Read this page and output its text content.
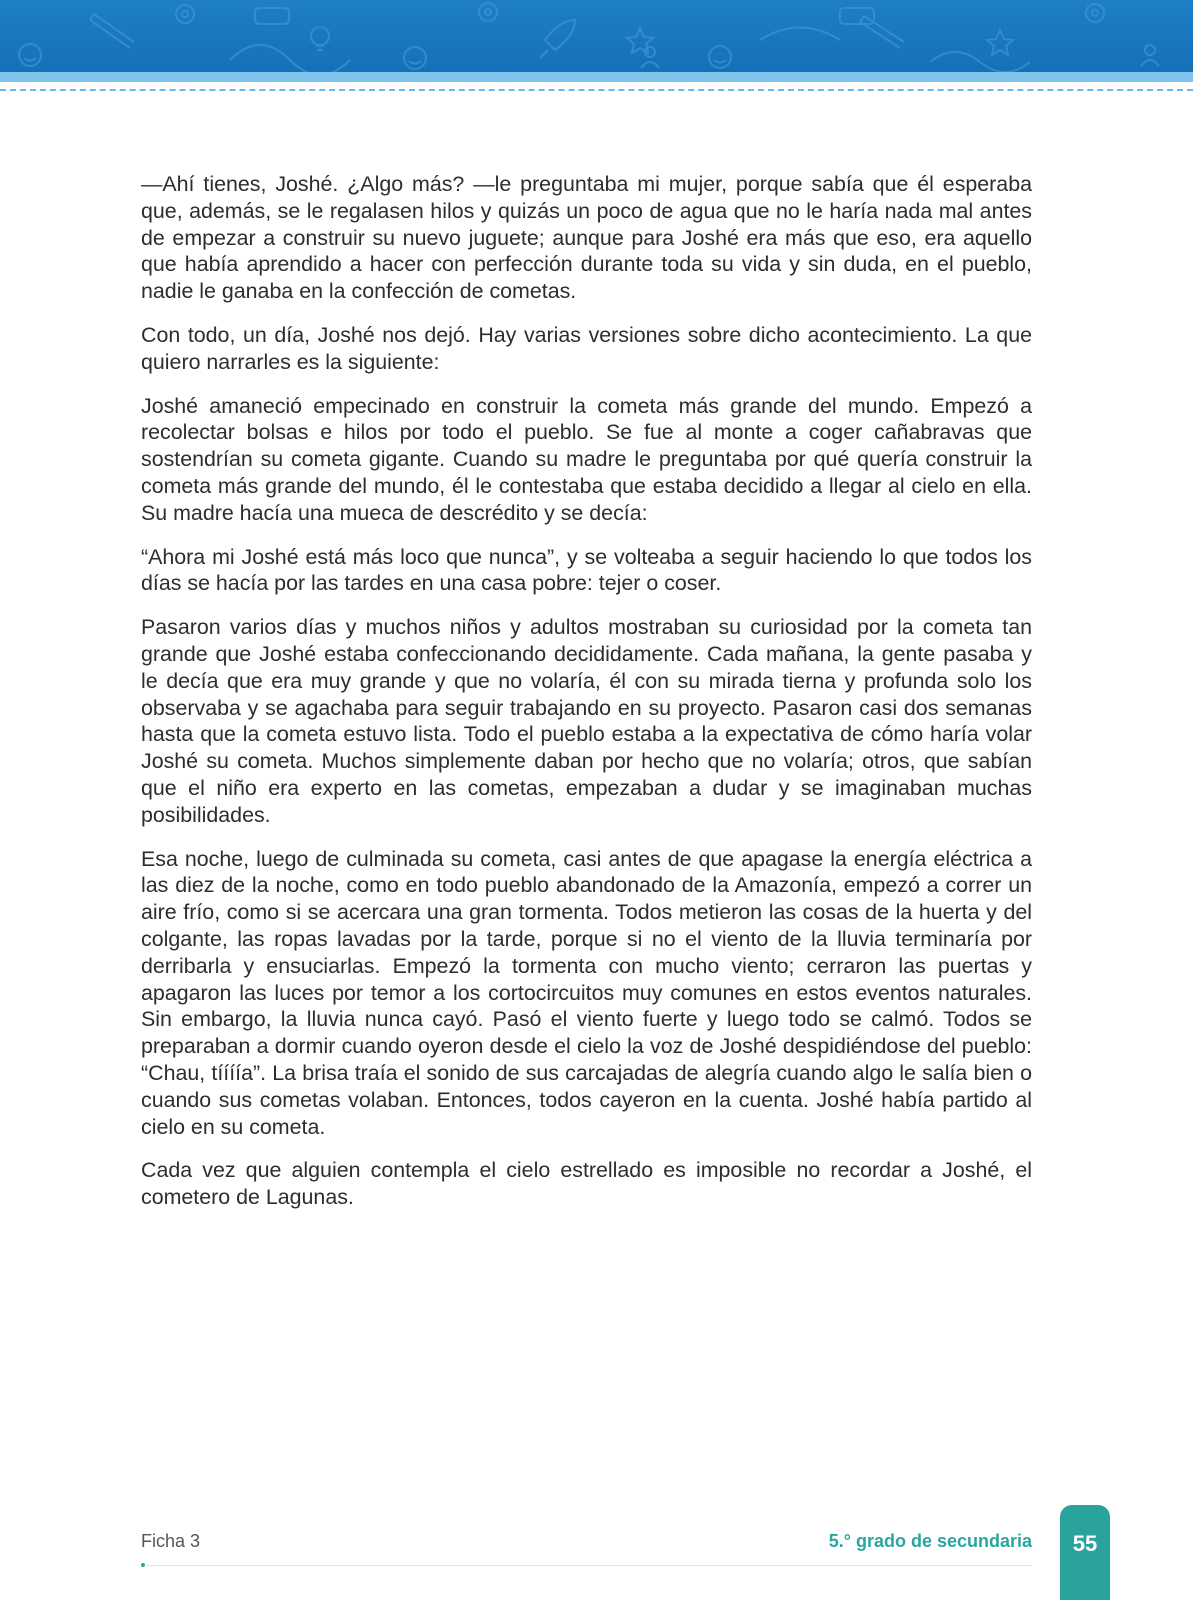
—Ahí tienes, Joshé. ¿Algo más? —le preguntaba mi mujer, porque sabía que él esperaba que, además, se le regalasen hilos y quizás un poco de agua que no le haría nada mal antes de empezar a construir su nuevo juguete; aunque para Joshé era más que eso, era aquello que había aprendido a hacer con perfección durante toda su vida y sin duda, en el pueblo, nadie le ganaba en la confección de cometas.

Con todo, un día, Joshé nos dejó. Hay varias versiones sobre dicho acontecimiento. La que quiero narrarles es la siguiente:

Joshé amaneció empecinado en construir la cometa más grande del mundo. Empezó a recolectar bolsas e hilos por todo el pueblo. Se fue al monte a coger cañabravas que sostendrían su cometa gigante. Cuando su madre le preguntaba por qué quería construir la cometa más grande del mundo, él le contestaba que estaba decidido a llegar al cielo en ella. Su madre hacía una mueca de descrédito y se decía:

“Ahora mi Joshé está más loco que nunca”, y se volteaba a seguir haciendo lo que todos los días se hacía por las tardes en una casa pobre: tejer o coser.

Pasaron varios días y muchos niños y adultos mostraban su curiosidad por la cometa tan grande que Joshé estaba confeccionando decididamente. Cada mañana, la gente pasaba y le decía que era muy grande y que no volaría, él con su mirada tierna y profunda solo los observaba y se agachaba para seguir trabajando en su proyecto. Pasaron casi dos semanas hasta que la cometa estuvo lista. Todo el pueblo estaba a la expectativa de cómo haría volar Joshé su cometa. Muchos simplemente daban por hecho que no volaría; otros, que sabían que el niño era experto en las cometas, empezaban a dudar y se imaginaban muchas posibilidades.

Esa noche, luego de culminada su cometa, casi antes de que apagase la energía eléctrica a las diez de la noche, como en todo pueblo abandonado de la Amazonía, empezó a correr un aire frío, como si se acercara una gran tormenta. Todos metieron las cosas de la huerta y del colgante, las ropas lavadas por la tarde, porque si no el viento de la lluvia terminaría por derribarla y ensuciarlas. Empezó la tormenta con mucho viento; cerraron las puertas y apagaron las luces por temor a los cortocircuitos muy comunes en estos eventos naturales. Sin embargo, la lluvia nunca cayó. Pasó el viento fuerte y luego todo se calmó. Todos se preparaban a dormir cuando oyeron desde el cielo la voz de Joshé despidiéndose del pueblo: “Chau, tíííía”. La brisa traía el sonido de sus carcajadas de alegría cuando algo le salía bien o cuando sus cometas volaban. Entonces, todos cayeron en la cuenta. Joshé había partido al cielo en su cometa.

Cada vez que alguien contempla el cielo estrellado es imposible no recordar a Joshé, el cometero de Lagunas.

Ficha 3	5.° grado de secundaria	55
